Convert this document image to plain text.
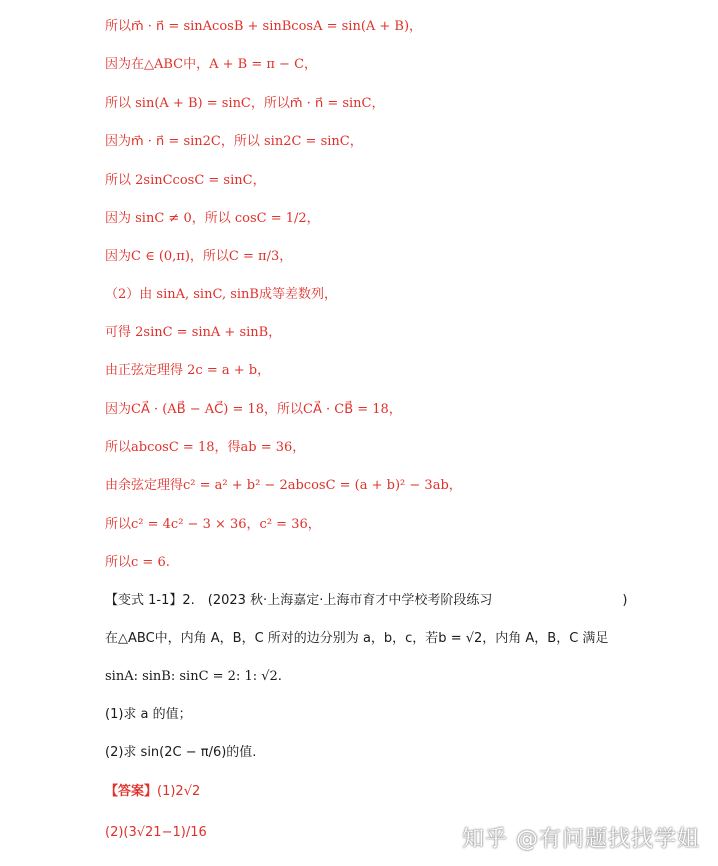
所以m⃗ · n⃗ = sinAcosB + sinBcosA = sin(A + B)，
因为在△ABC中，A + B = π − C，
所以 sin(A + B) = sinC，所以m⃗ · n⃗ = sinC，
因为m⃗ · n⃗ = sin2C，所以 sin2C = sinC，
所以 2sinCcosC = sinC，
因为 sinC ≠ 0，所以 cosC = 1/2，
因为C ∈ (0,π)，所以C = π/3，
（2）由 sinA, sinC, sinB成等差数列，
可得 2sinC = sinA + sinB，
由正弦定理得 2c = a + b，
因为CA⃗ · (AB⃗ − AC⃗) = 18，所以CA⃗ · CB⃗ = 18，
所以abcosC = 18，得ab = 36，
由余弦定理得c² = a² + b² − 2abcosC = (a + b)² − 3ab，
所以c² = 4c² − 3 × 36，c² = 36，
所以c = 6.
【变式 1-1】2.　(2023 秋·上海嘉定·上海市育才中学校考阶段练习　　　　　　　　　　)
在△ABC中，内角 A，B，C 所对的边分别为 a，b，c，若b = √2，内角 A，B，C 满足
sinA: sinB: sinC = 2: 1: √2.
(1)求 a 的值；
(2)求 sin(2C − π/6)的值.
【答案】(1)2√2
(2)(3√21−1)/16	知乎 @有问题找找学姐
